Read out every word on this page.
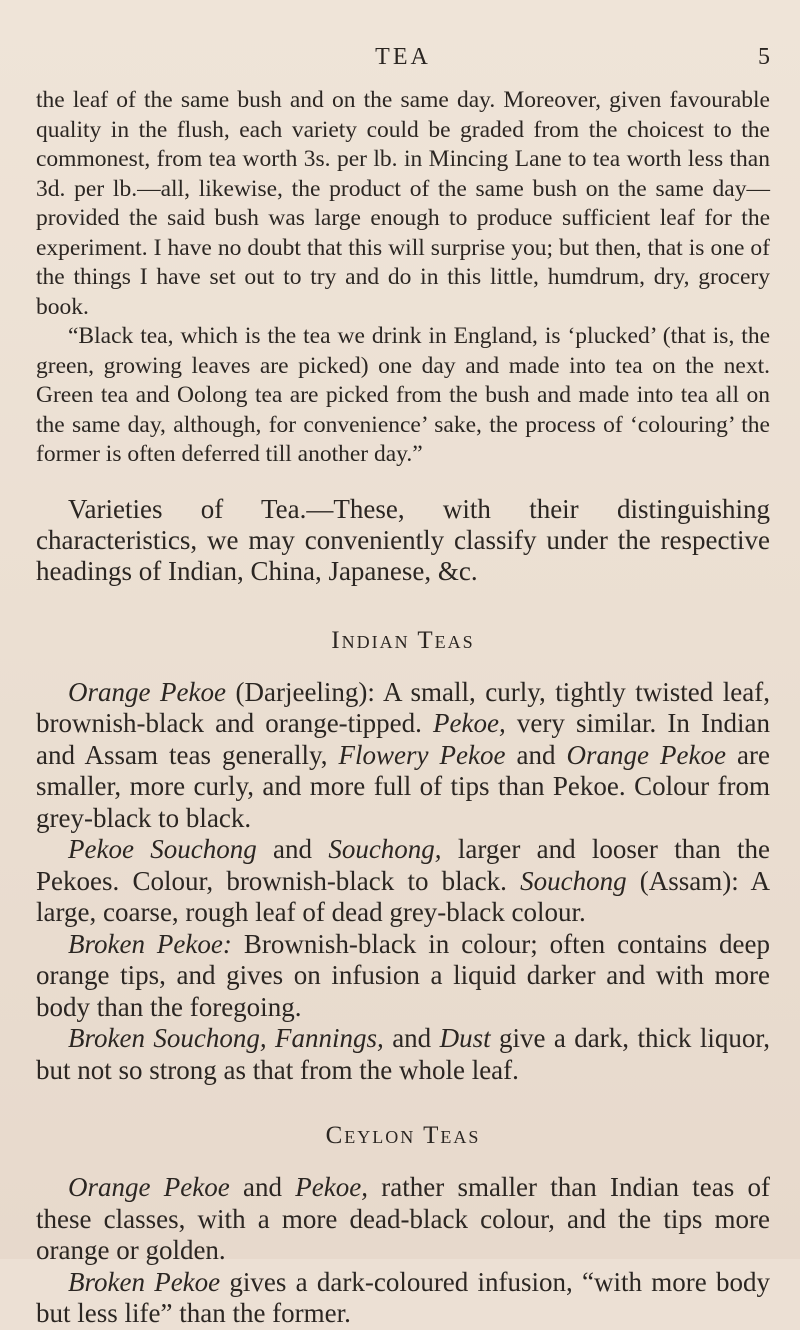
TEA	5

the leaf of the same bush and on the same day. Moreover, given favourable quality in the flush, each variety could be graded from the choicest to the commonest, from tea worth 3s. per lb. in Mincing Lane to tea worth less than 3d. per lb.—all, likewise, the product of the same bush on the same day—provided the said bush was large enough to produce sufficient leaf for the experiment. I have no doubt that this will surprise you; but then, that is one of the things I have set out to try and do in this little, humdrum, dry, grocery book.

“Black tea, which is the tea we drink in England, is ‘plucked’ (that is, the green, growing leaves are picked) one day and made into tea on the next. Green tea and Oolong tea are picked from the bush and made into tea all on the same day, although, for convenience’ sake, the process of ‘colouring’ the former is often deferred till another day.”

Varieties of Tea.—These, with their distinguishing characteristics, we may conveniently classify under the respective headings of Indian, China, Japanese, &c.

Indian Teas

Orange Pekoe (Darjeeling): A small, curly, tightly twisted leaf, brownish-black and orange-tipped. Pekoe, very similar. In Indian and Assam teas generally, Flowery Pekoe and Orange Pekoe are smaller, more curly, and more full of tips than Pekoe. Colour from grey-black to black.

Pekoe Souchong and Souchong, larger and looser than the Pekoes. Colour, brownish-black to black. Souchong (Assam): A large, coarse, rough leaf of dead grey-black colour.

Broken Pekoe: Brownish-black in colour; often contains deep orange tips, and gives on infusion a liquid darker and with more body than the foregoing.

Broken Souchong, Fannings, and Dust give a dark, thick liquor, but not so strong as that from the whole leaf.

Ceylon Teas

Orange Pekoe and Pekoe, rather smaller than Indian teas of these classes, with a more dead-black colour, and the tips more orange or golden.

Broken Pekoe gives a dark-coloured infusion, “with more body but less life” than the former.
